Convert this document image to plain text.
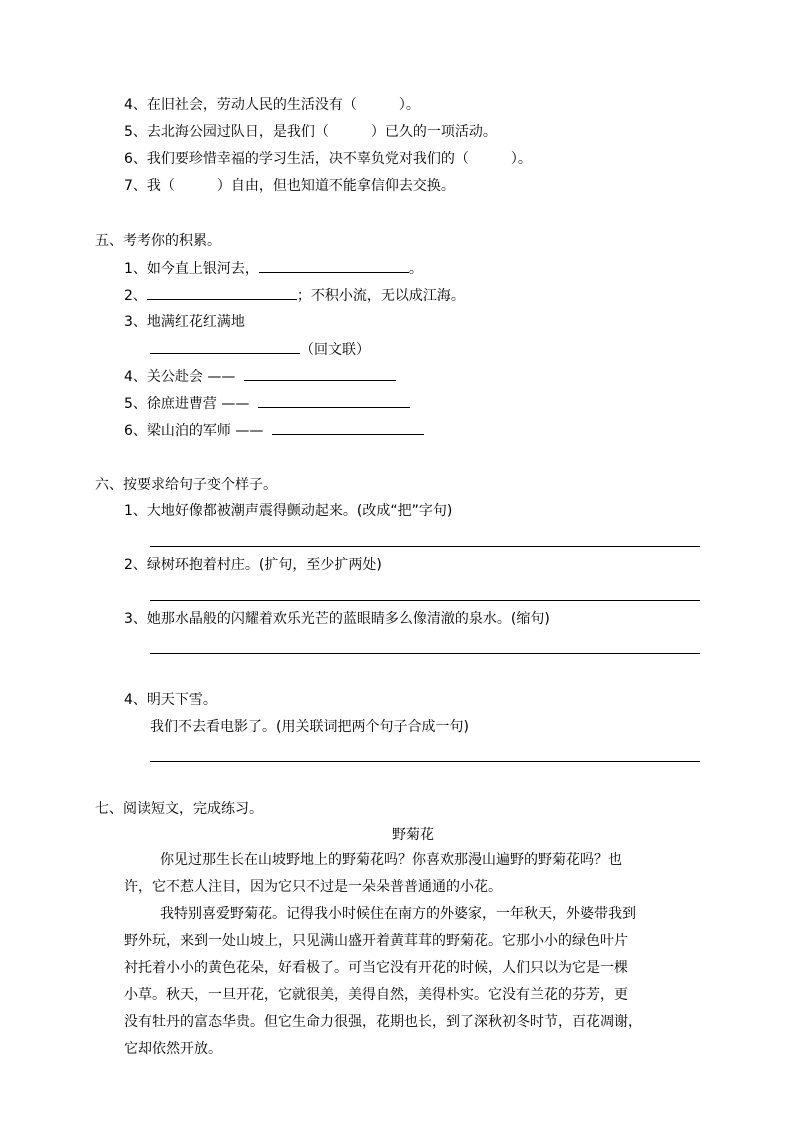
4、在旧社会，劳动人民的生活没有（　　　）。
5、去北海公园过队日，是我们（　　　）已久的一项活动。
6、我们要珍惜幸福的学习生活，决不辜负党对我们的（　　　）。
7、我（　　　）自由，但也知道不能拿信仰去交换。
五、考考你的积累。
1、如今直上银河去，	。
2、	；不积小流，无以成江海。
3、地满红花红满地
（回文联）
4、关公赴会 ——
5、徐庶进曹营 ——
6、梁山泊的军师 ——
六、按要求给句子变个样子。
1、大地好像都被潮声震得颤动起来。(改成“把”字句)
2、绿树环抱着村庄。(扩句，至少扩两处)
3、她那水晶般的闪耀着欢乐光芒的蓝眼睛多么像清澈的泉水。(缩句)
4、明天下雪。
我们不去看电影了。(用关联词把两个句子合成一句)
七、阅读短文，完成练习。
野菊花
你见过那生长在山坡野地上的野菊花吗？你喜欢那漫山遍野的野菊花吗？也
许，它不惹人注目，因为它只不过是一朵朵普普通通的小花。
我特别喜爱野菊花。记得我小时候住在南方的外婆家，一年秋天，外婆带我到
野外玩，来到一处山坡上，只见满山盛开着黄茸茸的野菊花。它那小小的绿色叶片
衬托着小小的黄色花朵，好看极了。可当它没有开花的时候，人们只以为它是一棵
小草。秋天，一旦开花，它就很美，美得自然，美得朴实。它没有兰花的芬芳，更
没有牡丹的富态华贵。但它生命力很强，花期也长，到了深秋初冬时节，百花凋谢，
它却依然开放。
